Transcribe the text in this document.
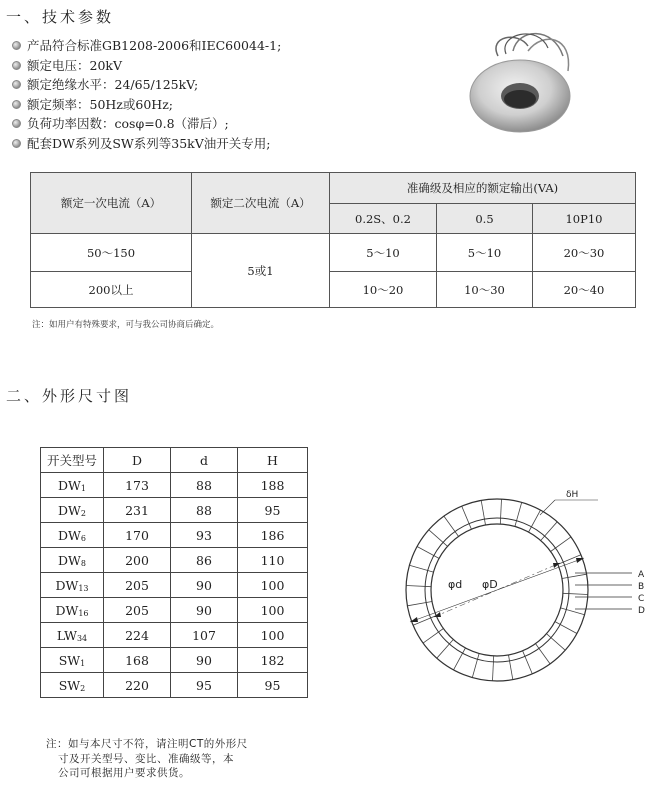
一、技术参数
产品符合标准GB1208-2006和IEC60044-1;
额定电压：20kV
额定绝缘水平：24/65/125kV;
额定频率：50Hz或60Hz;
负荷功率因数：cosφ=0.8（滞后）;
配套DW系列及SW系列等35kV油开关专用;
额定一次电流（A）	额定二次电流（A）	准确级及相应的额定输出(VA)		
		0.2S、0.2	0.5	10P10
50～150	5或1	5～10	5～10	20～30
200以上		10～20	10～30	20～40
注：如用户有特殊要求，可与我公司协商后确定。
二、外形尺寸图
开关型号	D	d	H
$DW_1$	173	88	188
$DW_2$	231	88	95
$DW_6$	170	93	186
$DW_8$	200	86	110
$DW_{13}$	205	90	100
$DW_{16}$	205	90	100
$LW_{34}$	224	107	100
$SW_1$	168	90	182
$SW_2$	220	95	95
φd φD
δH
A
B
C
D
注：如与本尺寸不符，请注明CT的外形尺
寸及开关型号、变比、准确级等，本
公司可根据用户要求供货。
